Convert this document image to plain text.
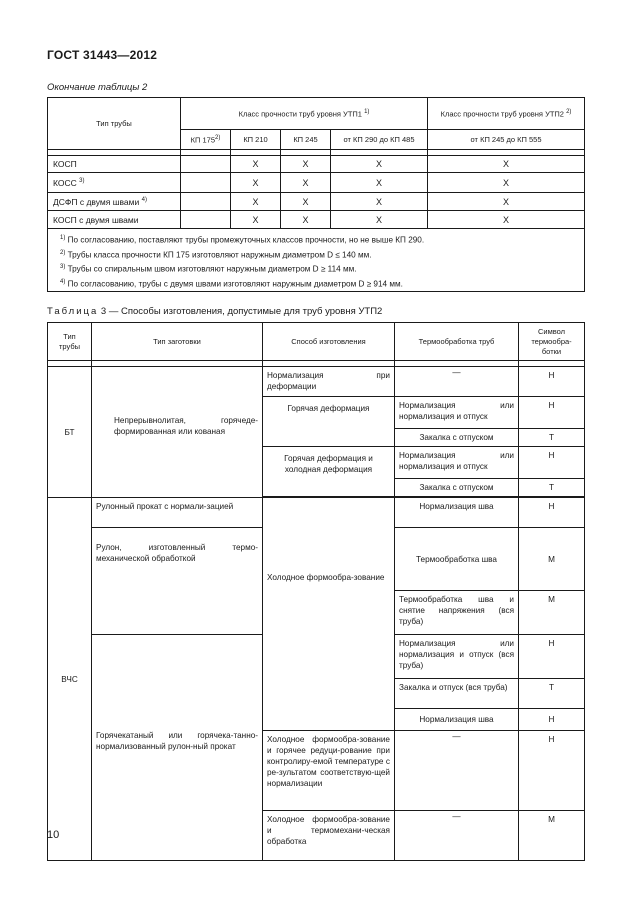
ГОСТ 31443—2012
Окончание таблицы 2
Тип трубы	Класс прочности труб уровня УТП1 $^{1)}$				Класс прочности труб уровня УТП2 $^{2)}$
	КП 175$^{2)}$	КП 210	КП 245	от КП 290 до КП 485	от КП 245 до КП 555

КОСП		X	X	X	X
КОСС $^{3)}$		X	X	X	X
ДСФП с двумя швами $^{4)}$		X	X	X	X
КОСП с двумя швами		X	X	X	X

$^{1)}$ По согласованию, поставляют трубы промежуточных классов прочности, но не выше КП 290.
$^{2)}$ Трубы класса прочности КП 175 изготовляют наружным диаметром D ≤ 140 мм.
$^{3)}$ Трубы со спиральным швом изготовляют наружным диаметром D ≥ 114 мм.
$^{4)}$ По согласованию, трубы с двумя швами изготовляют наружным диаметром D ≥ 914 мм.					
Таблица 3 — Способы изготовления, допустимые для труб уровня УТП2
Тип трубы	Тип заготовки	Способ изготовления	Термообработка труб	Символ термообра-ботки

БТ	Непрерывнолитая, горячеде-формированная или кованая	Нормализация при деформации	—	Н
		Горячая деформация	Нормализация или нормализация и отпуск	Н
			Закалка с отпуском	Т
		Горячая деформация и холодная деформация	Нормализация или нормализация и отпуск	Н
			Закалка с отпуском	Т

ВЧС	Рулонный прокат с нормали-зацией	Холодное формообра-зование	Нормализация шва	Н
	Рулон, изготовленный термо-механической обработкой		Термообработка шва	М
			Термообработка шва и снятие напряжения (вся труба)	М
	Горячекатаный или горячека-танно-нормализованный рулон-ный прокат		Нормализация или нормализация и отпуск (вся труба)	Н
			Закалка и отпуск (вся труба)	Т
			Нормализация шва	Н
		Холодное формообра-зование и горячее редуци-рование при контролиру-емой температуре с ре-зультатом соответствую-щей нормализации	—	Н
		Холодное формообра-зование и термомехани-ческая обработка	—	М
10
